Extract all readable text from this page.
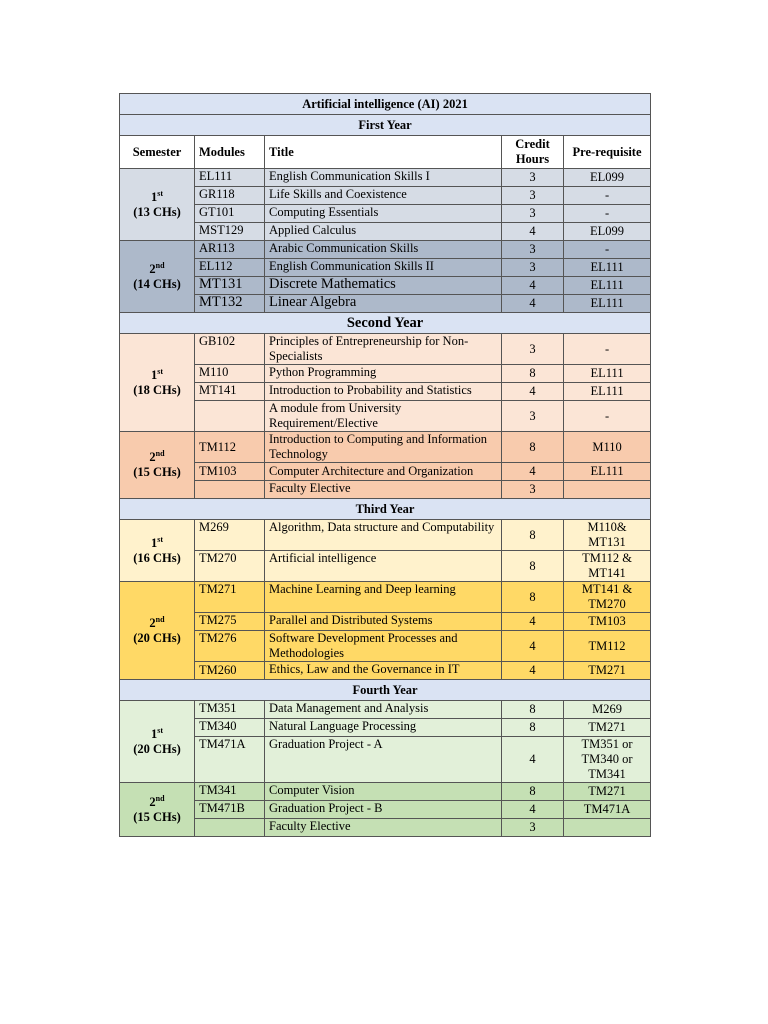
Artificial intelligence (AI) 2021				
First Year				
Semester	Modules	Title	Credit Hours	Pre-requisite
1st
(13 CHs)	EL111	English Communication Skills I	3	EL099
	GR118	Life Skills and Coexistence	3	-
	GT101	Computing Essentials	3	-
	MST129	Applied Calculus	4	EL099
2nd
(14 CHs)	AR113	Arabic Communication Skills	3	-
	EL112	English Communication Skills II	3	EL111
	MT131	Discrete Mathematics	4	EL111
	MT132	Linear Algebra	4	EL111
Second Year				
1st
(18 CHs)	GB102	Principles of Entrepreneurship for Non-Specialists	3	-
	M110	Python Programming	8	EL111
	MT141	Introduction to Probability and Statistics	4	EL111
		A module from University Requirement/Elective	3	-
2nd
(15 CHs)	TM112	Introduction to Computing and Information Technology	8	M110
	TM103	Computer Architecture and Organization	4	EL111
		Faculty Elective	3	
Third Year				
1st
(16 CHs)	M269	Algorithm, Data structure and Computability	8	M110& MT131
	TM270	Artificial intelligence	8	TM112 & MT141
2nd
(20 CHs)	TM271	Machine Learning and Deep learning	8	MT141 & TM270
	TM275	Parallel and Distributed Systems	4	TM103
	TM276	Software Development Processes and Methodologies	4	TM112
	TM260	Ethics, Law and the Governance in IT	4	TM271
Fourth Year				
1st
(20 CHs)	TM351	Data Management and Analysis	8	M269
	TM340	Natural Language Processing	8	TM271
	TM471A	Graduation Project - A	4	TM351 or TM340 or TM341
2nd
(15 CHs)	TM341	Computer Vision	8	TM271
	TM471B	Graduation Project - B	4	TM471A
		Faculty Elective	3	
